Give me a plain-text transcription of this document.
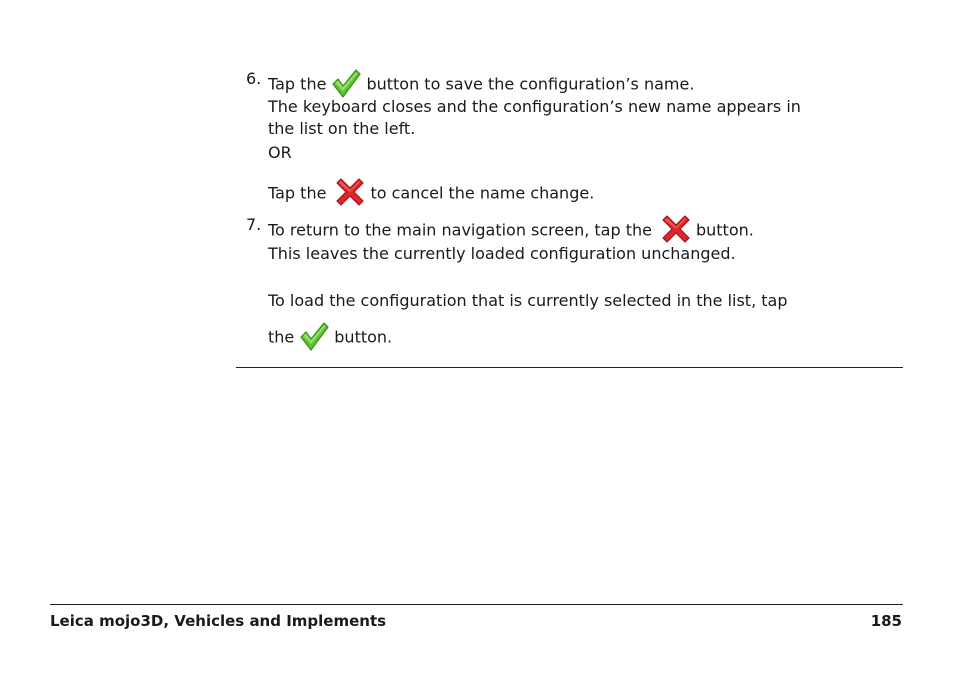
6. Tap the	button to save the configuration’s name.
The keyboard closes and the configuration’s new name appears in
the list on the left.
OR
Tap the	to cancel the name change.
7. To return to the main navigation screen, tap the	button.
This leaves the currently loaded configuration unchanged.
To load the configuration that is currently selected in the list, tap
the	button.
Leica mojo3D, Vehicles and Implements	185
